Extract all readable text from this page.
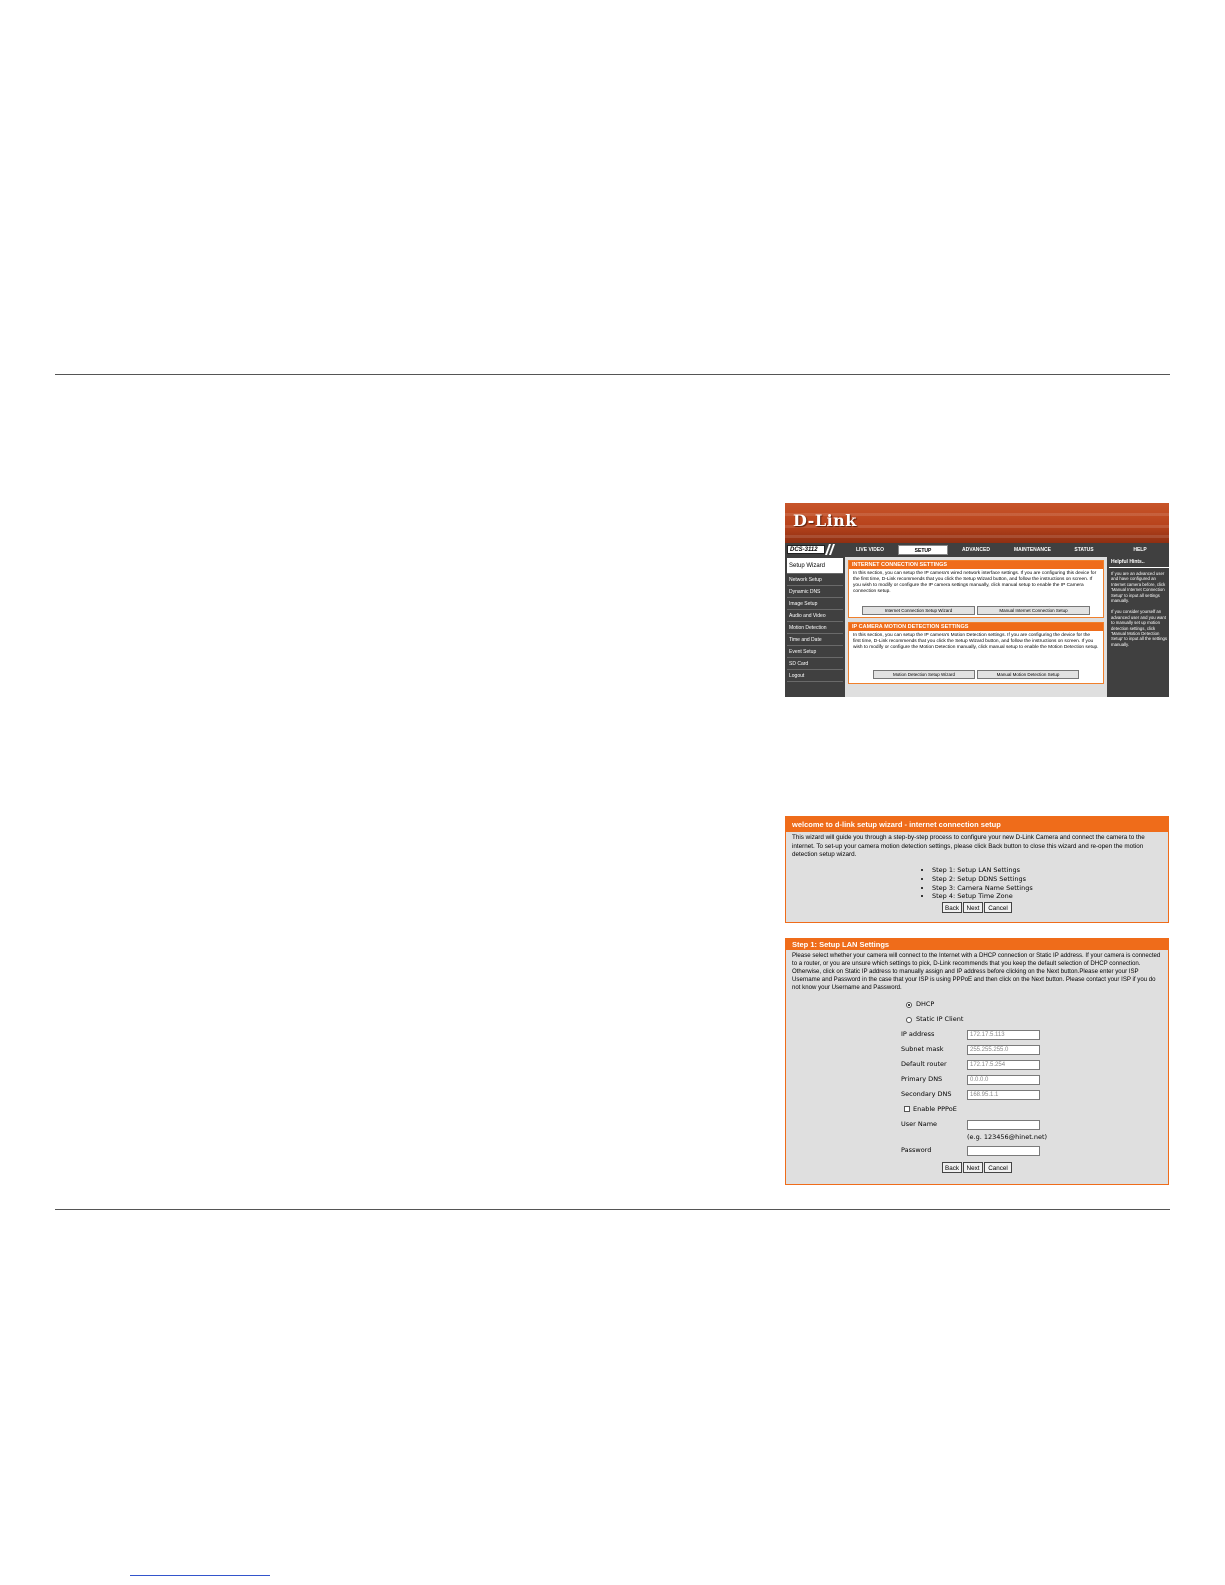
D-Link
DCS-3112	LIVE VIDEO	SETUP	ADVANCED	MAINTENANCE	STATUS	HELP
Setup Wizard
Network Setup
Dynamic DNS
Image Setup
Audio and Video
Motion Detection
Time and Date
Event Setup
SD Card
Logout
INTERNET CONNECTION SETTINGS
In this section, you can setup the IP camera's wired network interface settings. If you are configuring this device for the first time, D-Link recommends that you click the Setup Wizard button, and follow the instructions on screen. If you wish to modify or configure the IP camera settings manually, click manual setup to enable the IP Camera connection setup.
Internet Connection Setup Wizard	Manual Internet Connection Setup
IP CAMERA MOTION DETECTION SETTINGS
In this section, you can setup the IP camera's Motion Detection settings. If you are configuring the device for the first time, D-Link recommends that you click the Setup Wizard button, and follow the instructions on screen. If you wish to modify or configure the Motion Detection manually, click manual setup to enable the Motion Detection setup.
Motion Detection Setup Wizard	Manual Motion Detection Setup
Helpful Hints..
If you are an advanced user and have configured an Internet camera before, click 'Manual Internet Connection Setup' to input all settings manually.
If you consider yourself an advanced user and you want to manually set up motion detection settings, click 'Manual Motion Detection Setup' to input all the settings manually.
welcome to d-link setup wizard - internet connection setup
This wizard will guide you through a step-by-step process to configure your new D-Link Camera and connect the camera to the internet. To set-up your camera motion detection settings, please click Back button to close this wizard and re-open the motion detection setup wizard.
• Step 1: Setup LAN Settings
• Step 2: Setup DDNS Settings
• Step 3: Camera Name Settings
• Step 4: Setup Time Zone
Back	Next	Cancel
Step 1: Setup LAN Settings
Please select whether your camera will connect to the Internet with a DHCP connection or Static IP address. If your camera is connected to a router, or you are unsure which settings to pick, D-Link recommends that you keep the default selection of DHCP connection. Otherwise, click on Static IP address to manually assign and IP address before clicking on the Next button.Please enter your ISP Username and Password in the case that your ISP is using PPPoE and then click on the Next button. Please contact your ISP if you do not know your Username and Password.
DHCP
Static IP Client
IP address	172.17.5.113
Subnet mask	255.255.255.0
Default router	172.17.5.254
Primary DNS	0.0.0.0
Secondary DNS	168.95.1.1
Enable PPPoE
User Name
(e.g. 123456@hinet.net)
Password
Back	Next	Cancel
